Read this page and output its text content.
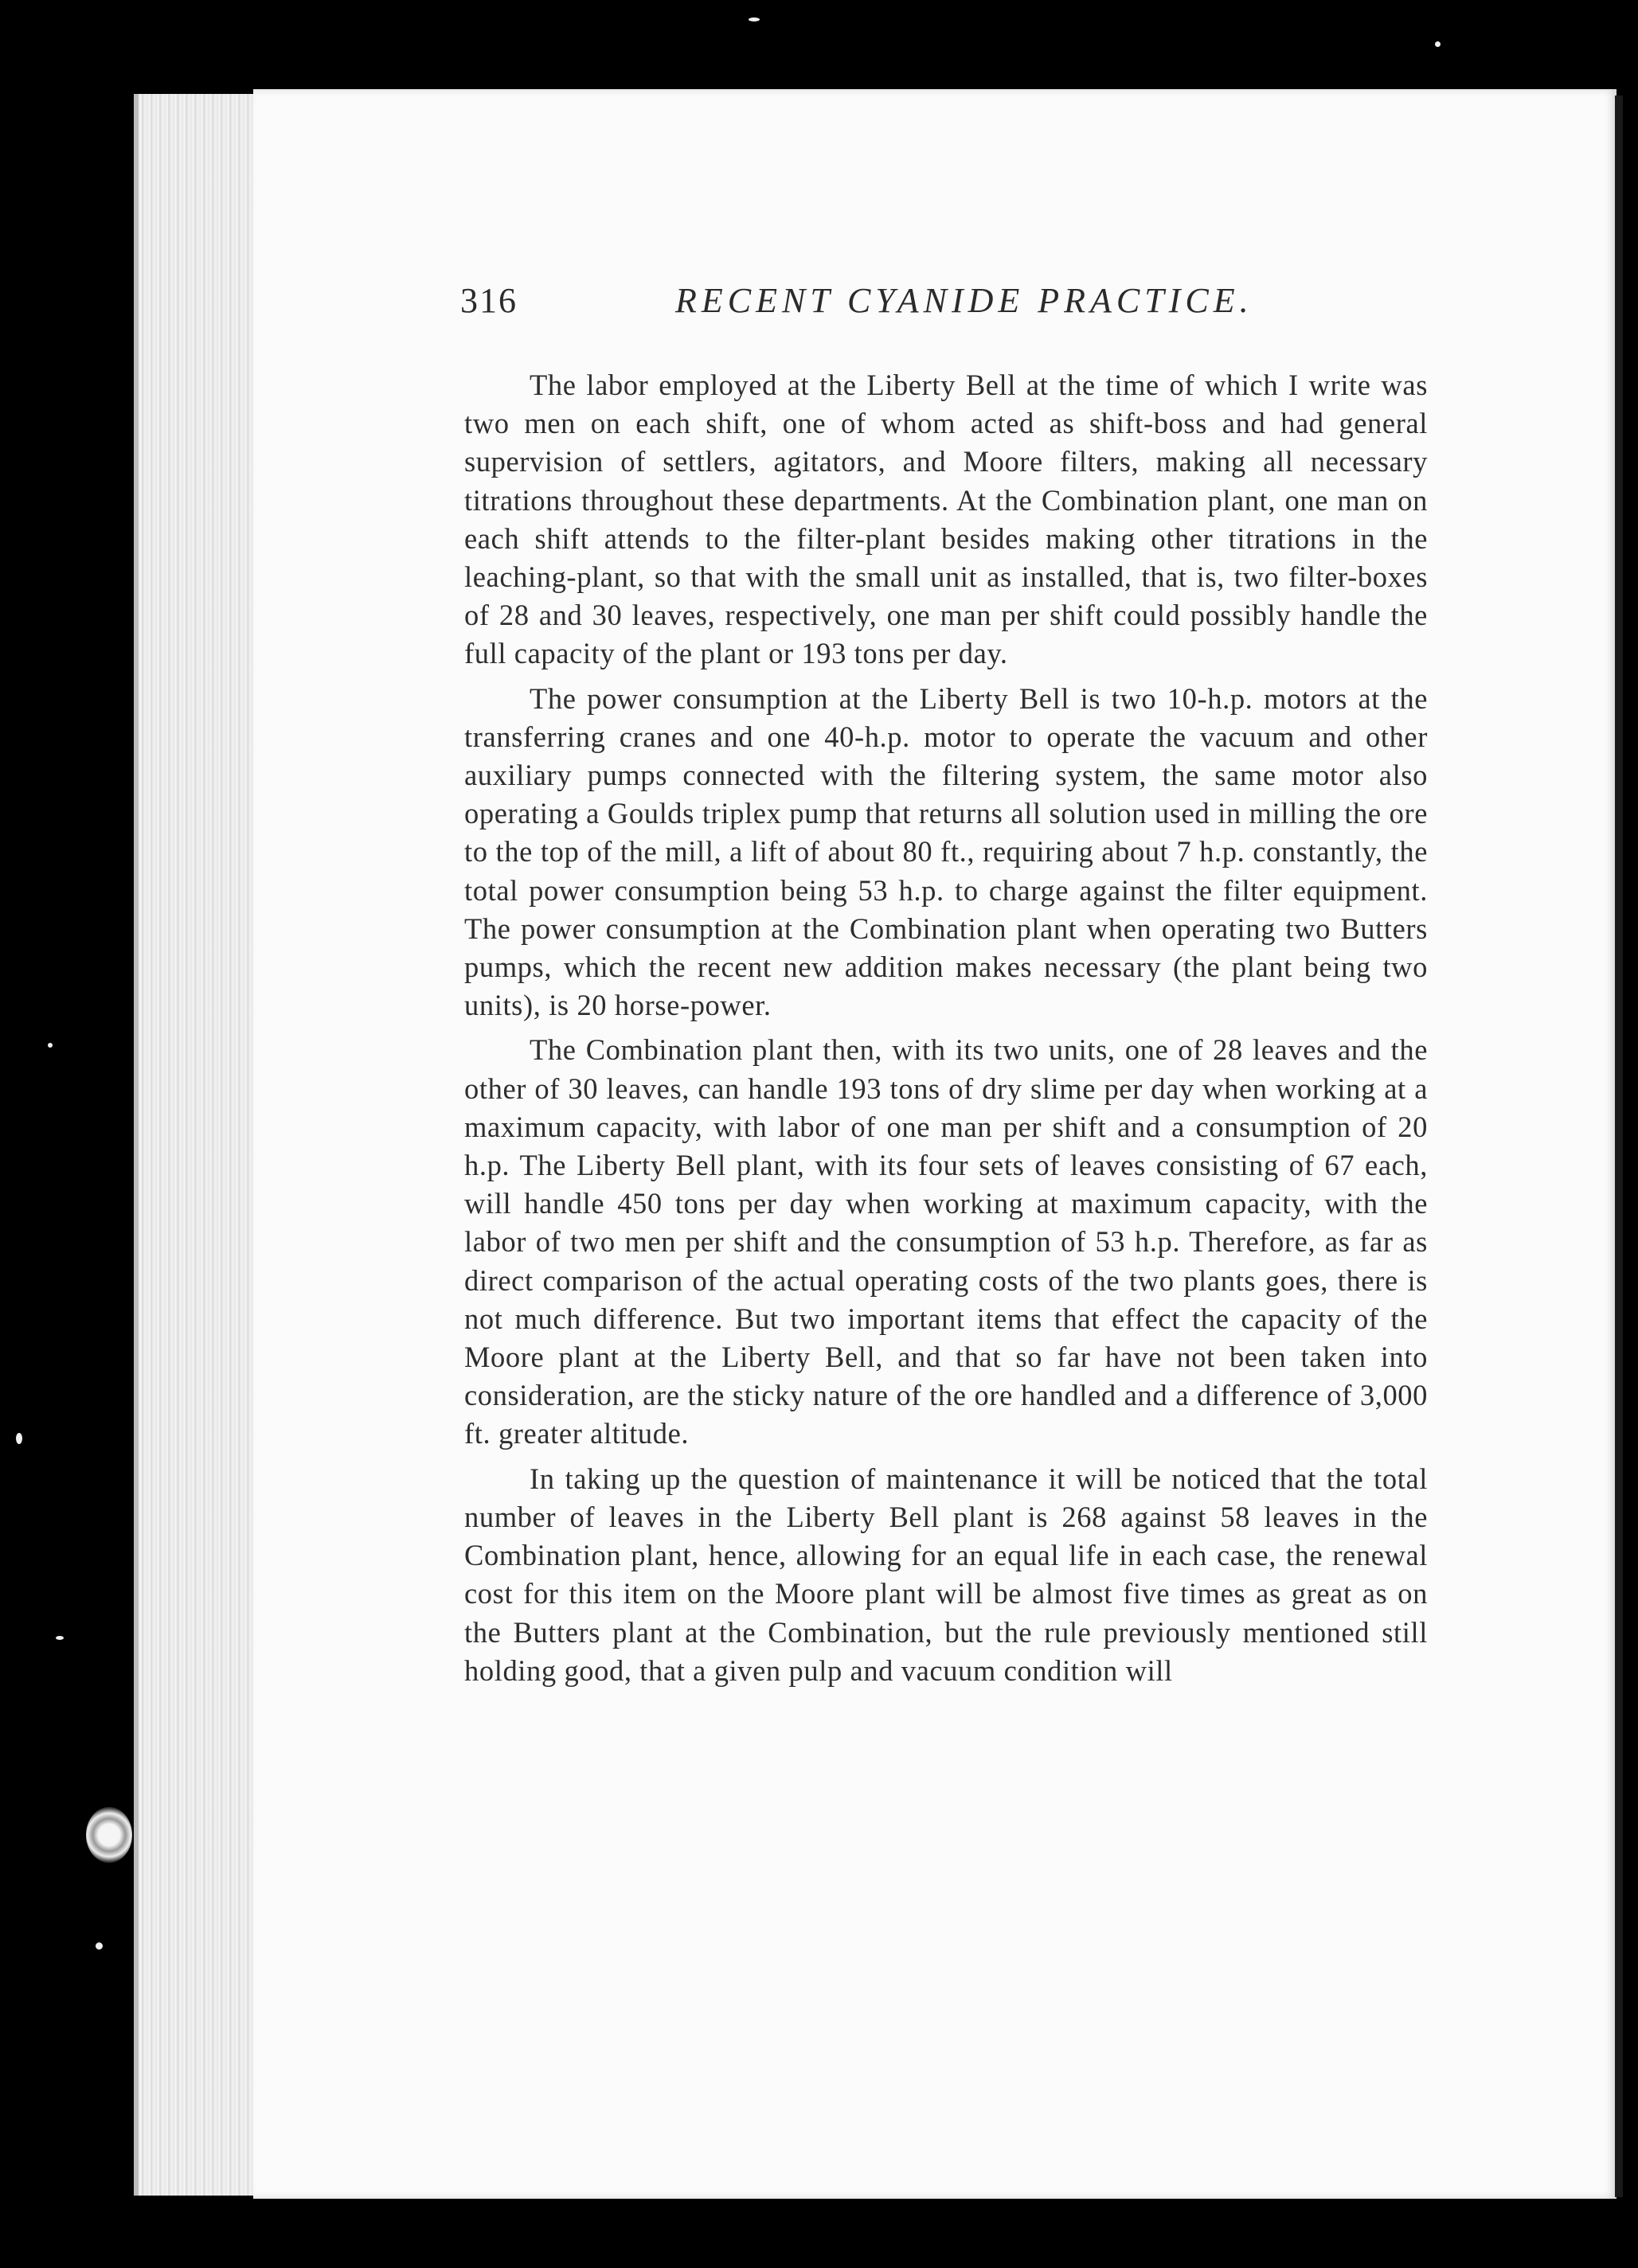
316	RECENT CYANIDE PRACTICE.

The labor employed at the Liberty Bell at the time of which I write was two men on each shift, one of whom acted as shift-boss and had general supervision of settlers, agitators, and Moore filters, making all necessary titrations throughout these departments. At the Combination plant, one man on each shift attends to the filter-plant besides making other titrations in the leaching-plant, so that with the small unit as installed, that is, two filter-boxes of 28 and 30 leaves, respectively, one man per shift could possibly handle the full capacity of the plant or 193 tons per day.

The power consumption at the Liberty Bell is two 10-h.p. motors at the transferring cranes and one 40-h.p. motor to operate the vacuum and other auxiliary pumps connected with the filtering system, the same motor also operating a Goulds triplex pump that returns all solution used in milling the ore to the top of the mill, a lift of about 80 ft., requiring about 7 h.p. constantly, the total power consumption being 53 h.p. to charge against the filter equipment. The power consumption at the Combination plant when operating two Butters pumps, which the recent new addition makes necessary (the plant being two units), is 20 horse-power.

The Combination plant then, with its two units, one of 28 leaves and the other of 30 leaves, can handle 193 tons of dry slime per day when working at a maximum capacity, with labor of one man per shift and a consumption of 20 h.p. The Liberty Bell plant, with its four sets of leaves consisting of 67 each, will handle 450 tons per day when working at maximum capacity, with the labor of two men per shift and the consumption of 53 h.p. Therefore, as far as direct comparison of the actual operating costs of the two plants goes, there is not much difference. But two important items that effect the capacity of the Moore plant at the Liberty Bell, and that so far have not been taken into consideration, are the sticky nature of the ore handled and a difference of 3,000 ft. greater altitude.

In taking up the question of maintenance it will be noticed that the total number of leaves in the Liberty Bell plant is 268 against 58 leaves in the Combination plant, hence, allowing for an equal life in each case, the renewal cost for this item on the Moore plant will be almost five times as great as on the Butters plant at the Combination, but the rule previously mentioned still holding good, that a given pulp and vacuum condition will
